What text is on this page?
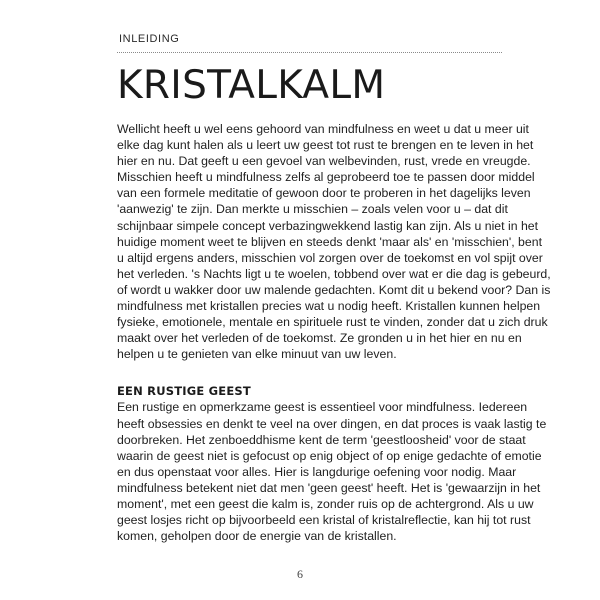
INLEIDING
KRISTALKALM
Wellicht heeft u wel eens gehoord van mindfulness en weet u dat u meer uit
elke dag kunt halen als u leert uw geest tot rust te brengen en te leven in het
hier en nu. Dat geeft u een gevoel van welbevinden, rust, vrede en vreugde.
Misschien heeft u mindfulness zelfs al geprobeerd toe te passen door middel
van een formele meditatie of gewoon door te proberen in het dagelijks leven
'aanwezig' te zijn. Dan merkte u misschien – zoals velen voor u – dat dit
schijnbaar simpele concept verbazingwekkend lastig kan zijn. Als u niet in het
huidige moment weet te blijven en steeds denkt 'maar als' en 'misschien', bent
u altijd ergens anders, misschien vol zorgen over de toekomst en vol spijt over
het verleden. 's Nachts ligt u te woelen, tobbend over wat er die dag is gebeurd,
of wordt u wakker door uw malende gedachten. Komt dit u bekend voor? Dan is
mindfulness met kristallen precies wat u nodig heeft. Kristallen kunnen helpen
fysieke, emotionele, mentale en spirituele rust te vinden, zonder dat u zich druk
maakt over het verleden of de toekomst. Ze gronden u in het hier en nu en
helpen u te genieten van elke minuut van uw leven.
EEN RUSTIGE GEEST
Een rustige en opmerkzame geest is essentieel voor mindfulness. Iedereen
heeft obsessies en denkt te veel na over dingen, en dat proces is vaak lastig te
doorbreken. Het zenboeddhisme kent de term 'geestloosheid' voor de staat
waarin de geest niet is gefocust op enig object of op enige gedachte of emotie
en dus openstaat voor alles. Hier is langdurige oefening voor nodig. Maar
mindfulness betekent niet dat men 'geen geest' heeft. Het is 'gewaarzijn in het
moment', met een geest die kalm is, zonder ruis op de achtergrond. Als u uw
geest losjes richt op bijvoorbeeld een kristal of kristalreflectie, kan hij tot rust
komen, geholpen door de energie van de kristallen.
6
